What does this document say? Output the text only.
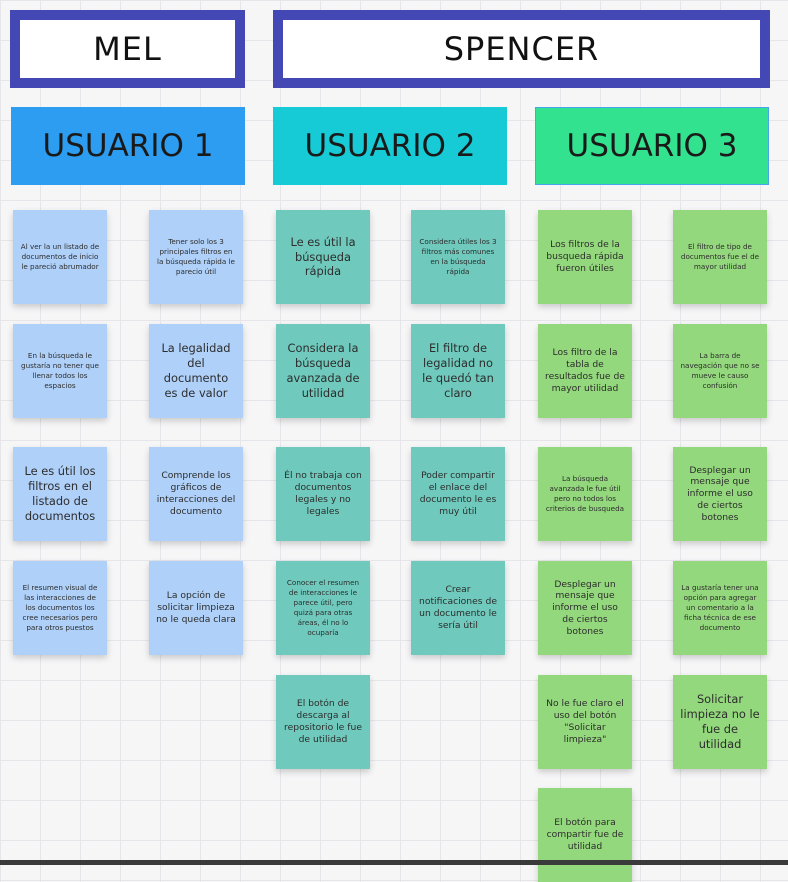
MEL	SPENCER
USUARIO 1	USUARIO 2	USUARIO 3
Al ver la un listado de documentos de inicio le pareció abrumador
Tener solo los 3 principales filtros en la búsqueda rápida le parecio útil
En la búsqueda le gustaría no tener que llenar todos los espacios
La legalidad del documento es de valor
Le es útil los filtros en el listado de documentos
Comprende los gráficos de interacciones del documento
El resumen visual de las interacciones de los documentos los cree necesarios pero para otros puestos
La opción de solicitar limpieza no le queda clara
Le es útil la búsqueda rápida
Considera útiles los 3 filtros más comunes en la búsqueda rápida
Considera la búsqueda avanzada de utilidad
El filtro de legalidad no le quedó tan claro
Él no trabaja con documentos legales y no legales
Poder compartir el enlace del documento le es muy útil
Conocer el resumen de interacciones le parece útil, pero quizá para otras áreas, él no lo ocuparía
Crear notificaciones de un documento le sería útil
El botón de descarga al repositorio le fue de utilidad
Los filtros de la busqueda rápida fueron útiles
El filtro de tipo de documentos fue el de mayor utilidad
Los filtro de la tabla de resultados fue de mayor utilidad
La barra de navegación que no se mueve le causo confusión
La búsqueda avanzada le fue útil pero no todos los criterios de busqueda
Desplegar un mensaje que informe el uso de ciertos botones
Desplegar un mensaje que informe el uso de ciertos botones
La gustaría tener una opción para agregar un comentario a la ficha técnica de ese documento
No le fue claro el uso del botón "Solicitar limpieza"
Solicitar limpieza no le fue de utilidad
El botón para compartir fue de utilidad
